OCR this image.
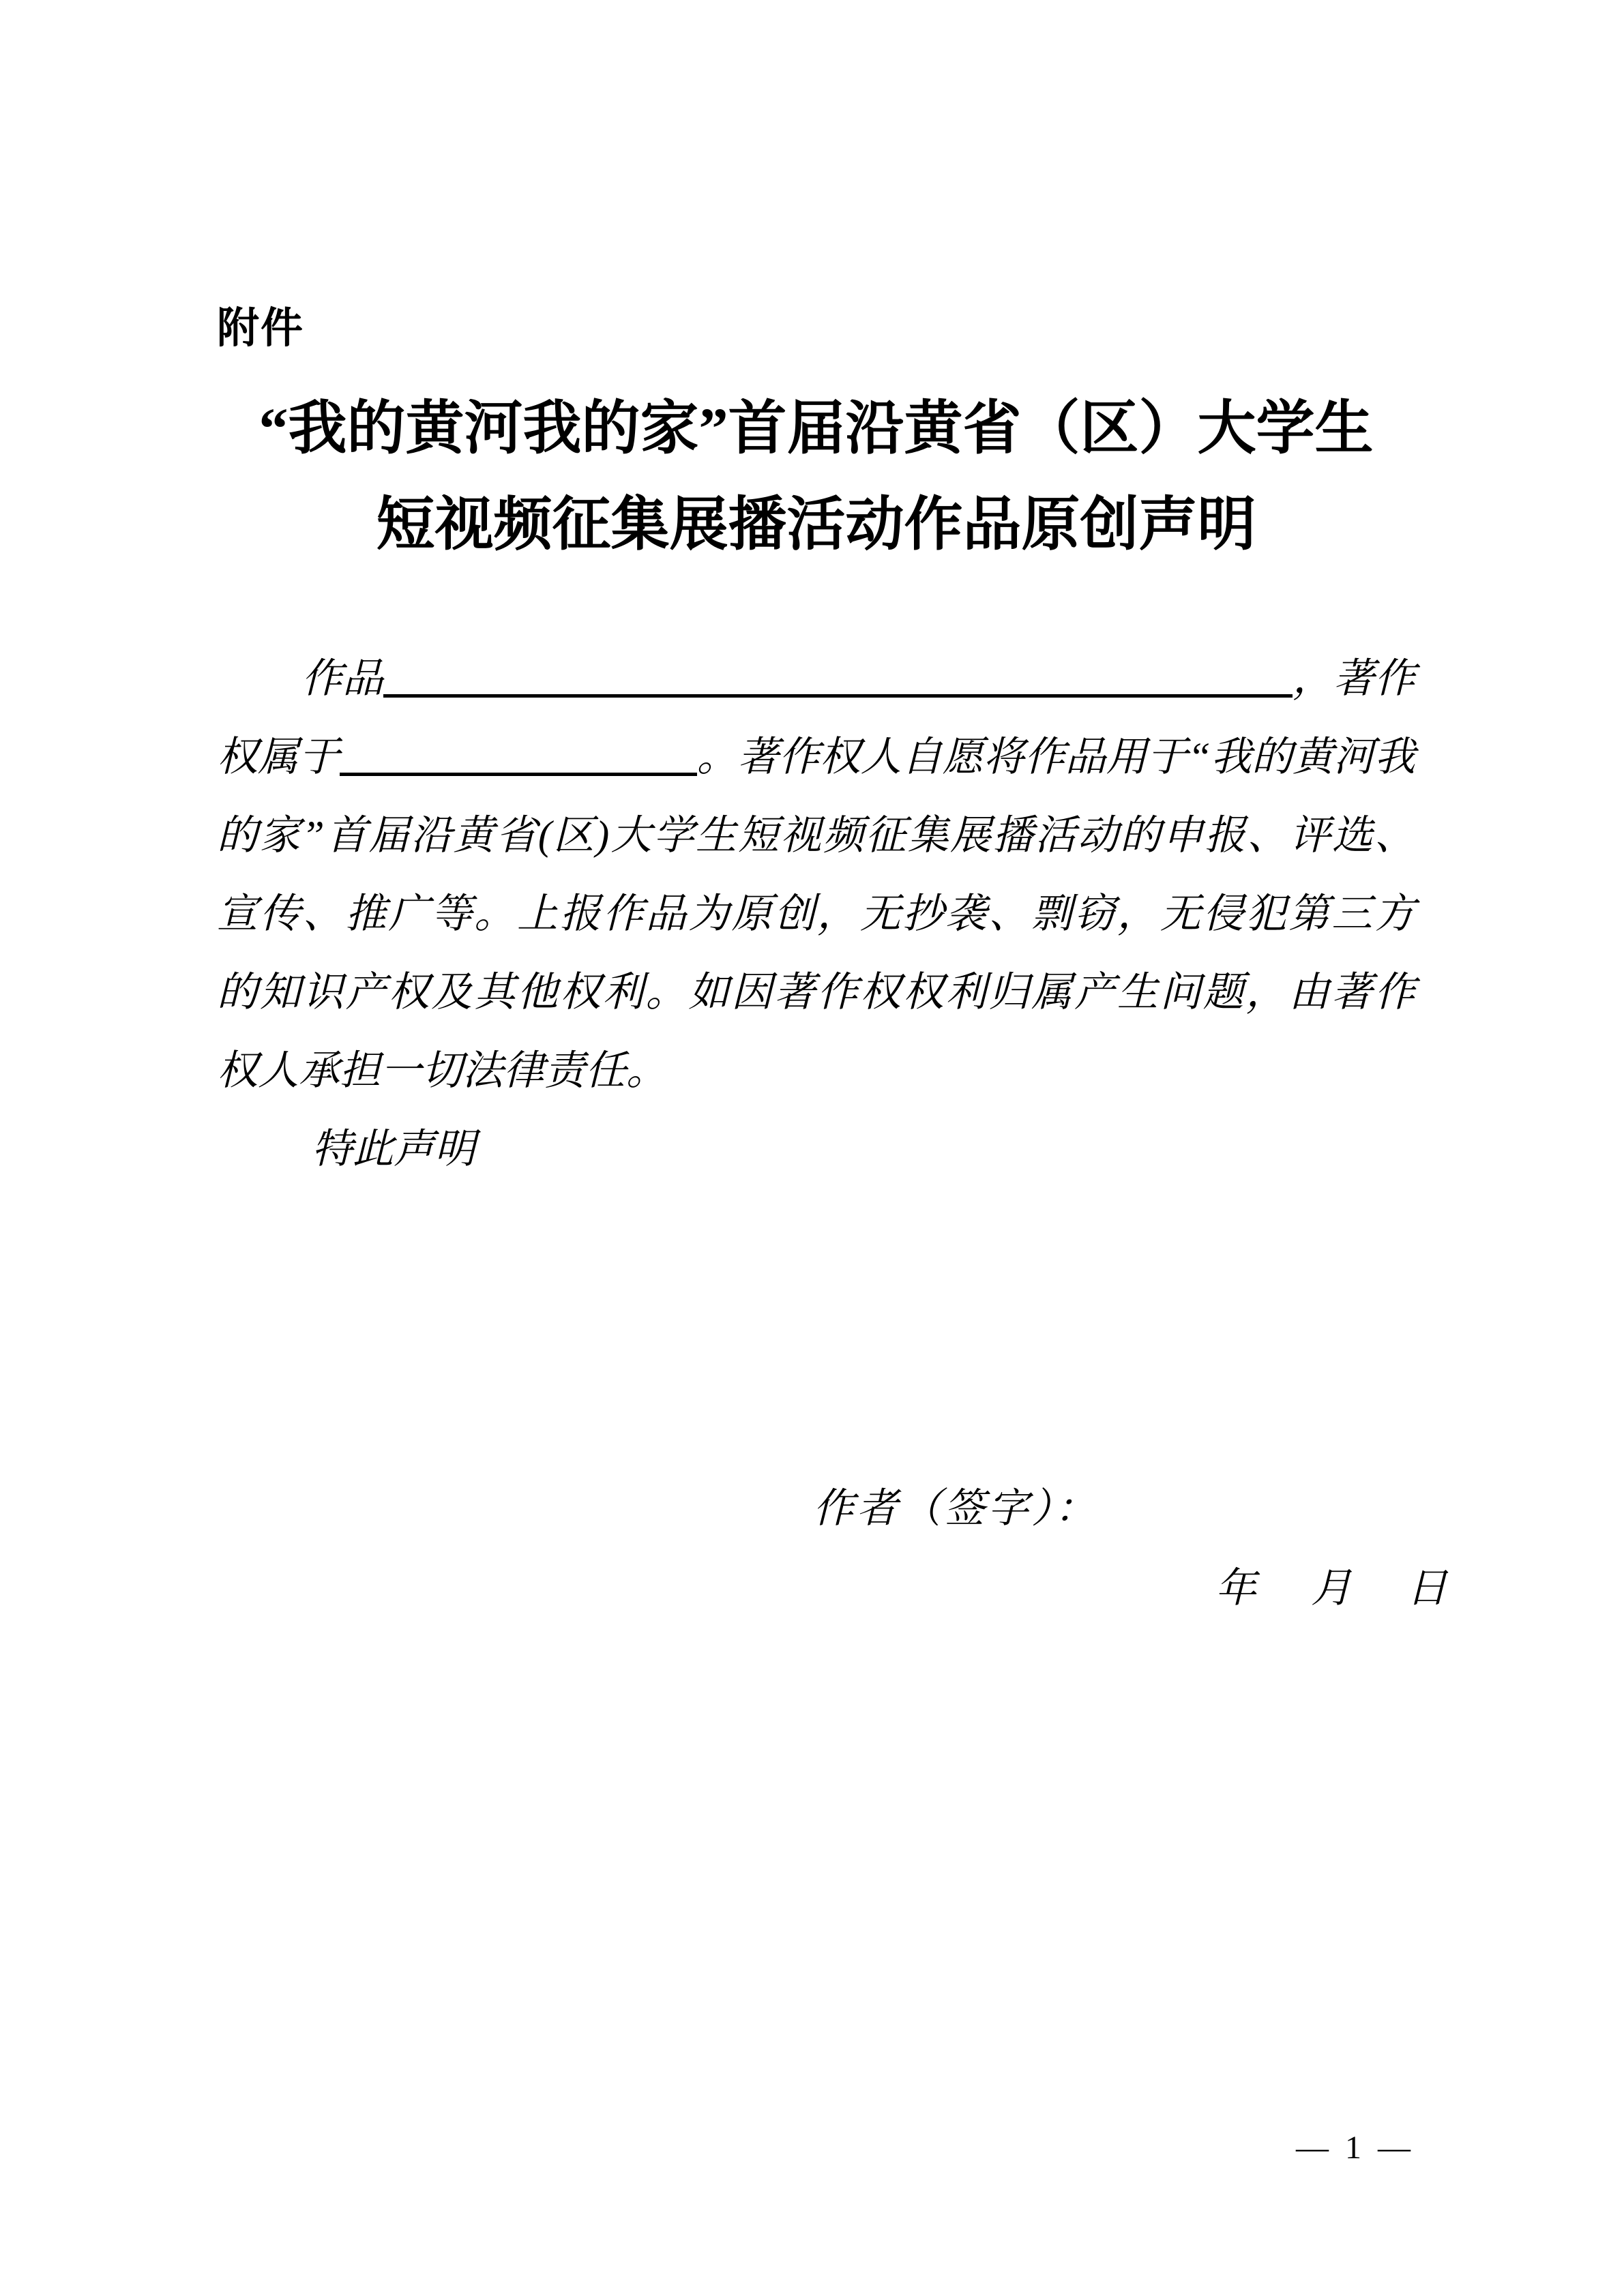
附件
“我的黄河我的家”首届沿黄省（区）大学生
短视频征集展播活动作品原创声明
作品	，著作
权属于	。著作权人自愿将作品用于“我的黄河我
的家”首届沿黄省(区)大学生短视频征集展播活动的申报、评选、
宣传、推广等。上报作品为原创，无抄袭、剽窃，无侵犯第三方
的知识产权及其他权利。如因著作权权利归属产生问题，由著作
权人承担一切法律责任。
特此声明
作者（签字）：
年　月　日
— 1 —
